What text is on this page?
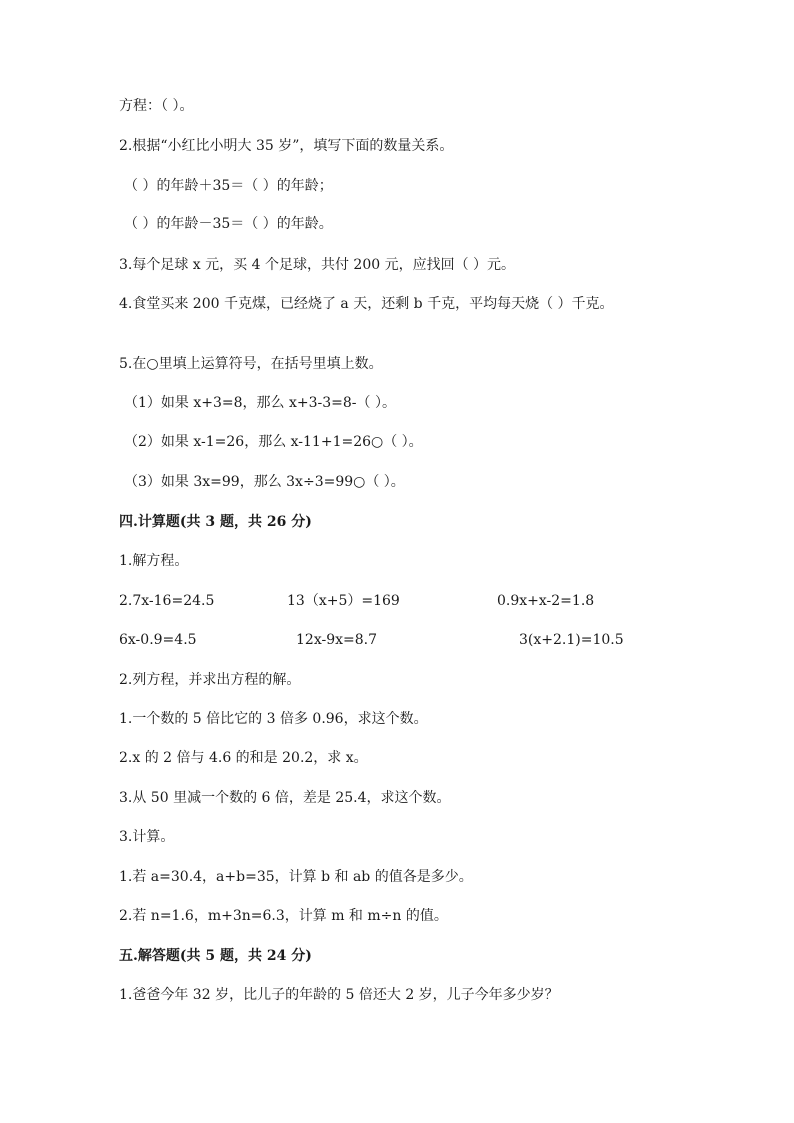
方程：（ ）。
2.根据“小红比小明大 35 岁”，填写下面的数量关系。
（ ）的年龄＋35＝（ ）的年龄；
（ ）的年龄－35＝（ ）的年龄。
3.每个足球 x 元，买 4 个足球，共付 200 元，应找回（ ）元。
4.食堂买来 200 千克煤，已经烧了 a 天，还剩 b 千克，平均每天烧（ ）千克。
5.在○里填上运算符号，在括号里填上数。
（1）如果 x+3=8，那么 x+3-3=8-（ ）。
（2）如果 x-1=26，那么 x-11+1=26○（ ）。
（3）如果 3x=99，那么 3x÷3=99○（ ）。
四.计算题(共 3 题，共 26 分)
1.解方程。
2.7x-16=24.5	13（x+5）=169	0.9x+x-2=1.8
6x-0.9=4.5	12x-9x=8.7	3(x+2.1)=10.5
2.列方程，并求出方程的解。
1.一个数的 5 倍比它的 3 倍多 0.96，求这个数。
2.x 的 2 倍与 4.6 的和是 20.2，求 x。
3.从 50 里减一个数的 6 倍，差是 25.4，求这个数。
3.计算。
1.若 a=30.4，a+b=35，计算 b 和 ab 的值各是多少。
2.若 n=1.6，m+3n=6.3，计算 m 和 m÷n 的值。
五.解答题(共 5 题，共 24 分)
1.爸爸今年 32 岁，比儿子的年龄的 5 倍还大 2 岁，儿子今年多少岁？
